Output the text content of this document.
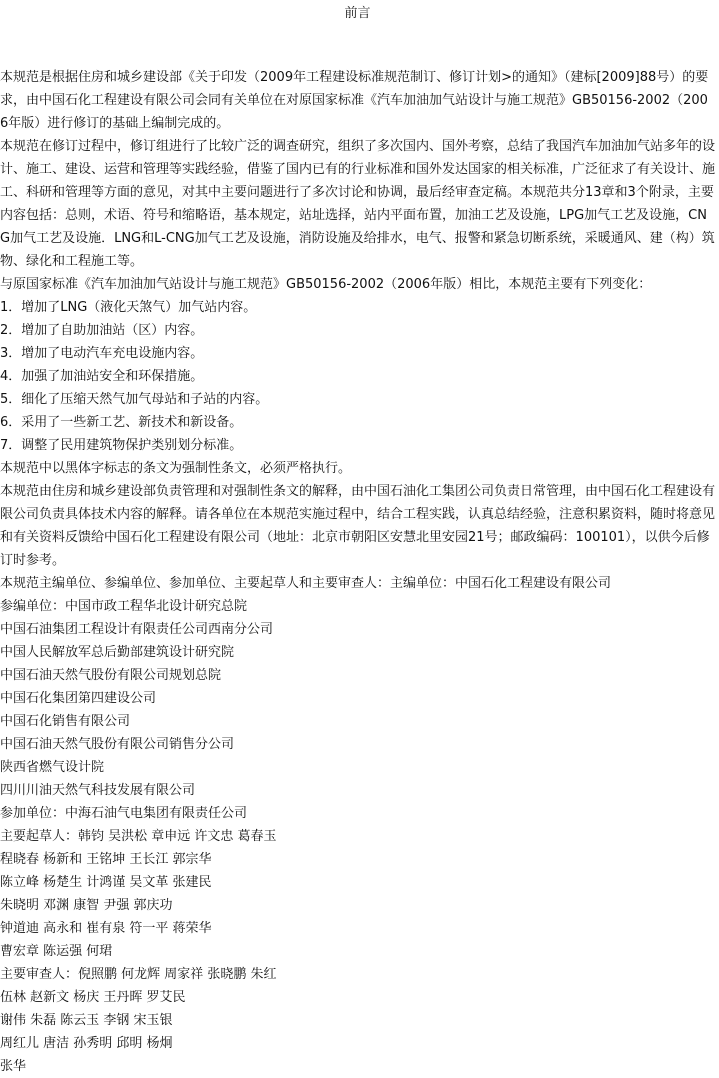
前言

本规范是根据住房和城乡建设部《关于印发（2009年工程建设标准规范制订、修订计划>的通知》（建标[2009]88号）的要求，由中国石化工程建设有限公司会同有关单位在对原国家标准《汽车加油加气站设计与施工规范》GB50156-2002（2006年版）进行修订的基础上编制完成的。

本规范在修订过程中，修订组进行了比较广泛的调查研究，组织了多次国内、国外考察，总结了我国汽车加油加气站多年的设计、施工、建设、运营和管理等实践经验，借鉴了国内已有的行业标准和国外发达国家的相关标准，广泛征求了有关设计、施工、科研和管理等方面的意见，对其中主要问题进行了多次讨论和协调，最后经审查定稿。本规范共分13章和3个附录，主要内容包括：总则，术语、符号和缩略语，基本规定，站址选择，站内平面布置，加油工艺及设施，LPG加气工艺及设施，CNG加气工艺及设施．LNG和L-CNG加气工艺及设施，消防设施及给排水，电气、报警和紧急切断系统，采暖通风、建（构）筑物、绿化和工程施工等。

与原国家标准《汽车加油加气站设计与施工规范》GB50156-2002（2006年版）相比，本规范主要有下列变化：

1．增加了LNG（液化天煞气）加气站内容。

2．增加了自助加油站（区）内容。

3．增加了电动汽车充电设施内容。

4．加强了加油站安全和环保措施。

5．细化了压缩天然气加气母站和子站的内容。

6．采用了一些新工艺、新技术和新设备。

7．调整了民用建筑物保护类别划分标准。

本规范中以黑体字标志的条文为强制性条文，必须严格执行。

本规范由住房和城乡建设部负责管理和对强制性条文的解释，由中国石油化工集团公司负责日常管理，由中国石化工程建设有限公司负责具体技术内容的解释。请各单位在本规范实施过程中，结合工程实践，认真总结经验，注意积累资料，随时将意见和有关资料反馈给中国石化工程建设有限公司（地址：北京市朝阳区安慧北里安园21号；邮政编码：100101），以供今后修订时参考。

本规范主编单位、参编单位、参加单位、主要起草人和主要审查人：主编单位：中国石化工程建设有限公司

参编单位：中国市政工程华北设计研究总院

中国石油集团工程设计有限责任公司西南分公司

中国人民解放军总后勤部建筑设计研究院

中国石油天然气股份有限公司规划总院

中国石化集团第四建设公司

中国石化销售有限公司

中国石油天然气股份有限公司销售分公司

陕西省燃气设计院

四川川油天然气科技发展有限公司

参加单位：中海石油气电集团有限责任公司

主要起草人：韩钧 吴洪松 章申远 许文忠 葛春玉

程晓春 杨新和 王铭坤 王长江 郭宗华

陈立峰 杨楚生 计鸿谨 吴文革 张建民

朱晓明 邓渊 康智 尹强 郭庆功

钟道迪 高永和 崔有泉 符一平 蒋荣华

曹宏章 陈运强 何珺

主要审查人：倪照鹏 何龙辉 周家祥 张晓鹏 朱红

伍林 赵新文 杨庆 王丹晖 罗艾民

谢伟 朱磊 陈云玉 李钢 宋玉银

周红儿 唐洁 孙秀明 邱明 杨炯

张华
